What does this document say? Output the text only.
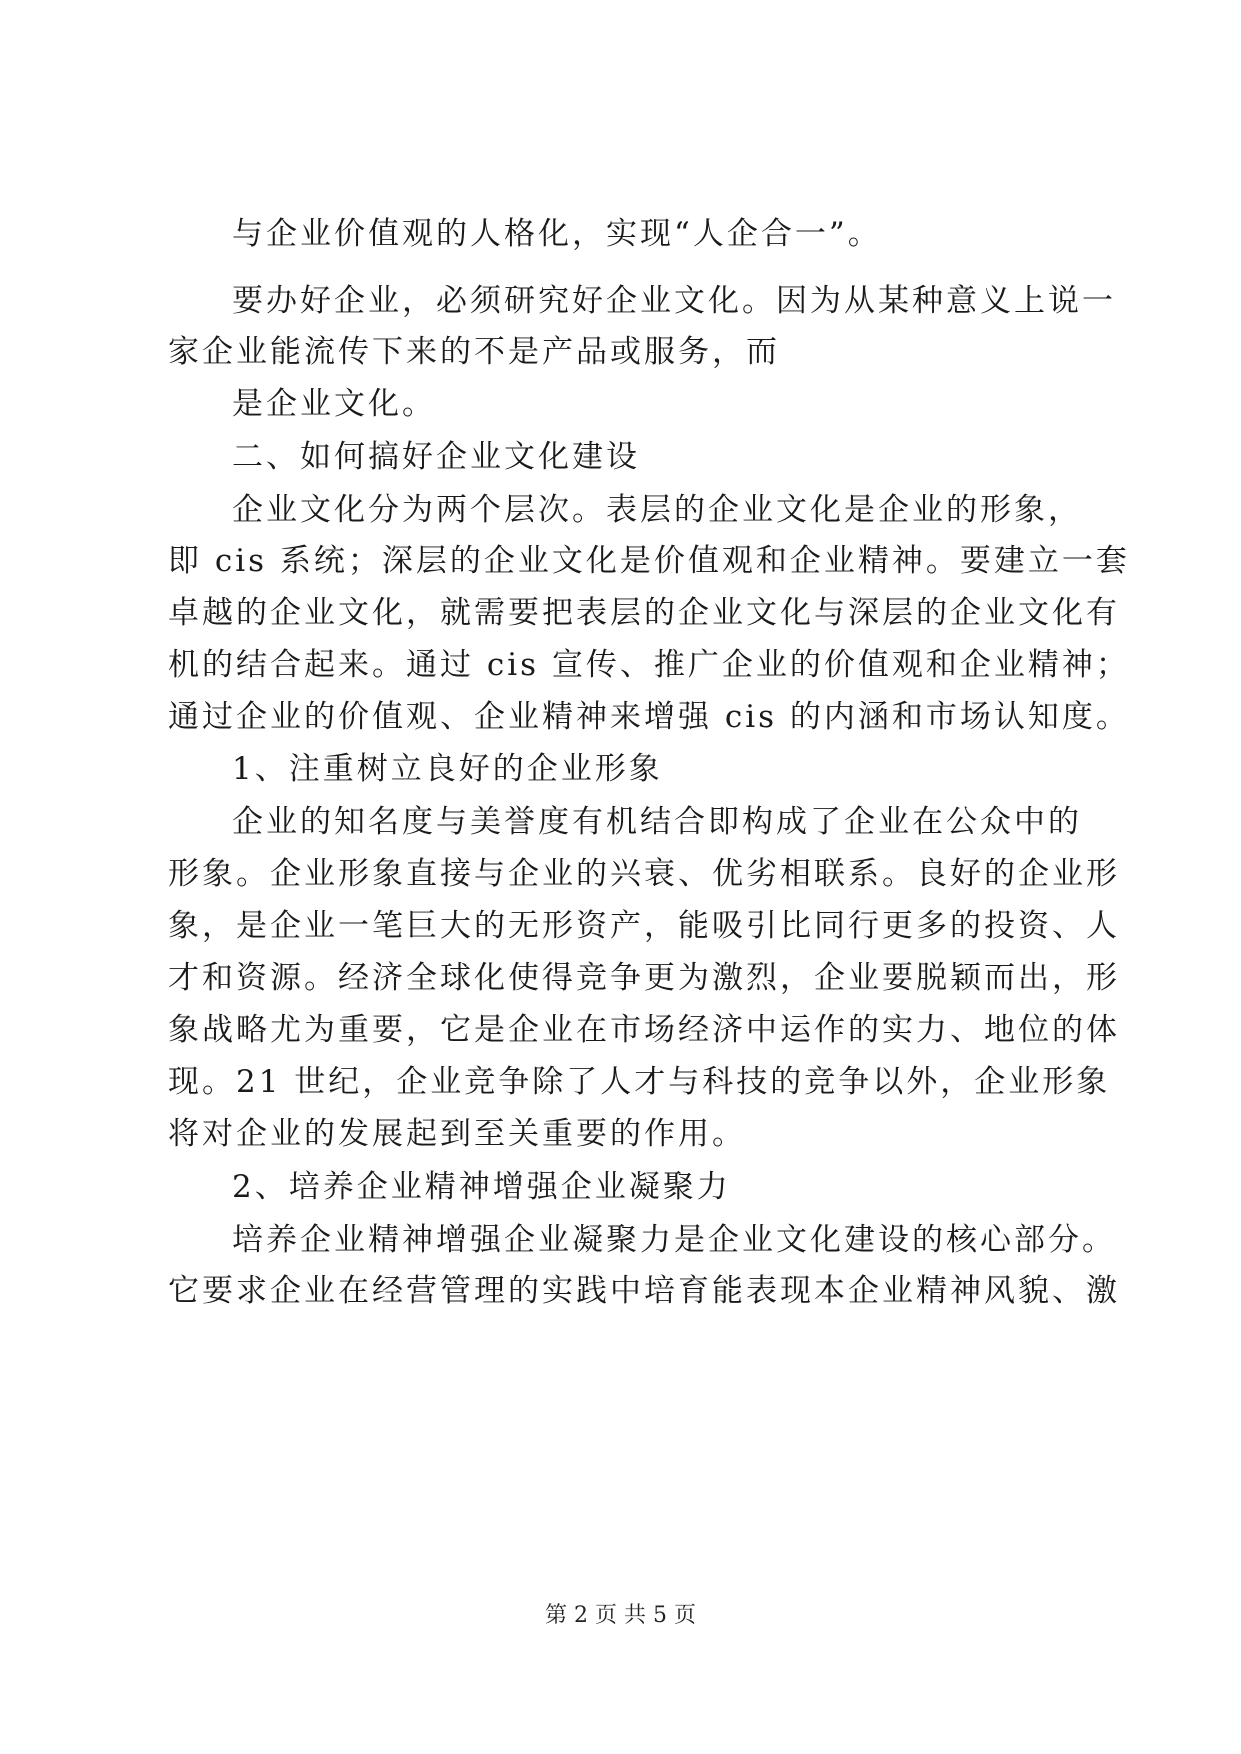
与企业价值观的人格化，实现“人企合一”。
要办好企业，必须研究好企业文化。因为从某种意义上说一
家企业能流传下来的不是产品或服务，而
是企业文化。
二、如何搞好企业文化建设
企业文化分为两个层次。表层的企业文化是企业的形象，
即 cis 系统；深层的企业文化是价值观和企业精神。要建立一套
卓越的企业文化，就需要把表层的企业文化与深层的企业文化有
机的结合起来。通过 cis 宣传、推广企业的价值观和企业精神；
通过企业的价值观、企业精神来增强 cis 的内涵和市场认知度。
1、注重树立良好的企业形象
企业的知名度与美誉度有机结合即构成了企业在公众中的
形象。企业形象直接与企业的兴衰、优劣相联系。良好的企业形
象，是企业一笔巨大的无形资产，能吸引比同行更多的投资、人
才和资源。经济全球化使得竞争更为激烈，企业要脱颖而出，形
象战略尤为重要，它是企业在市场经济中运作的实力、地位的体
现。21 世纪，企业竞争除了人才与科技的竞争以外，企业形象
将对企业的发展起到至关重要的作用。
2、培养企业精神增强企业凝聚力
培养企业精神增强企业凝聚力是企业文化建设的核心部分。
它要求企业在经营管理的实践中培育能表现本企业精神风貌、激
第 2 页 共 5 页
